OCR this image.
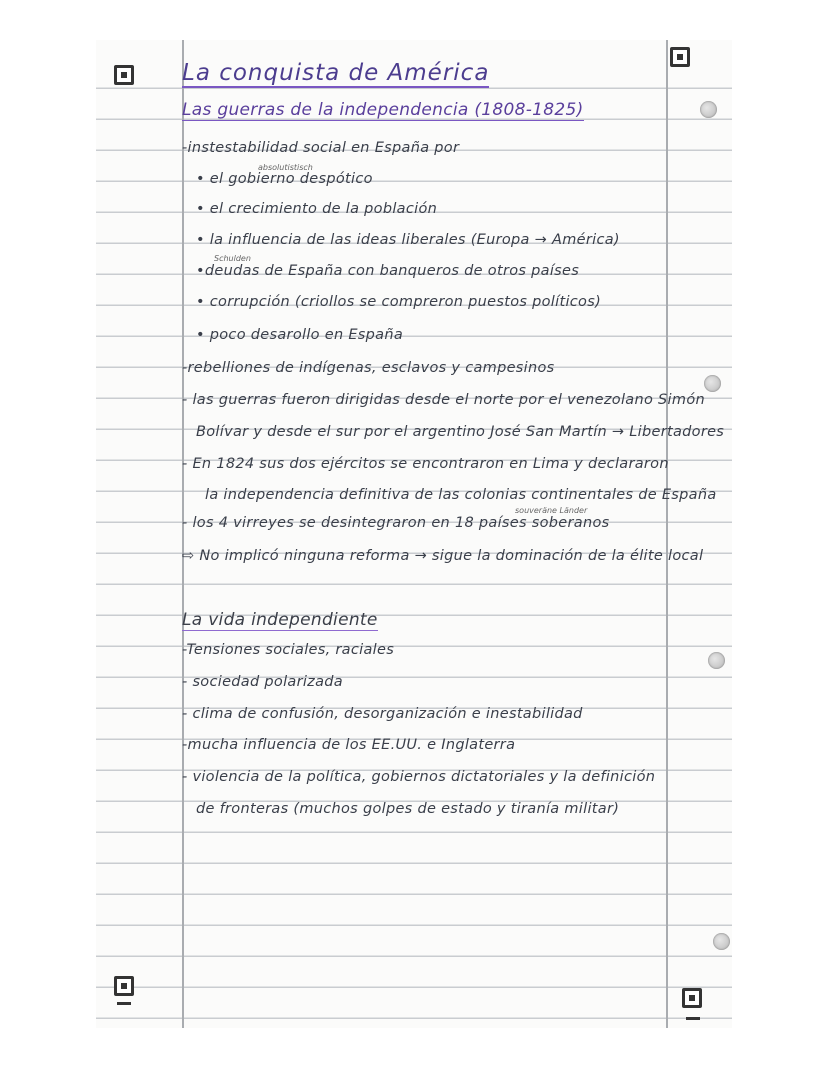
La conquista de América
Las guerras de la independencia (1808-1825)
-instestabilidad social en España por
absolutistisch
• el gobierno despótico
• el crecimiento de la población
• la influencia de las ideas liberales (Europa → América)
Schulden
•deudas de España con banqueros de otros países
• corrupción (criollos se compreron puestos políticos)
• poco desarollo en España
-rebelliones de indígenas, esclavos y campesinos
- las guerras fueron dirigidas desde el norte por el venezolano Simón
Bolívar y desde el sur por el argentino José San Martín → Libertadores
- En 1824 sus dos ejércitos se encontraron en Lima y declararon
la independencia definitiva de las colonias continentales de España
souveräne Länder
- los 4 virreyes se desintegraron en 18 países soberanos
⇨ No implicó ninguna reforma → sigue la dominación de la élite local
La vida independiente
-Tensiones sociales, raciales
- sociedad polarizada
- clima de confusión, desorganización e inestabilidad
-mucha influencia de los EE.UU. e Inglaterra
- violencia de la política, gobiernos dictatoriales y la definición
de fronteras (muchos golpes de estado y tiranía militar)
